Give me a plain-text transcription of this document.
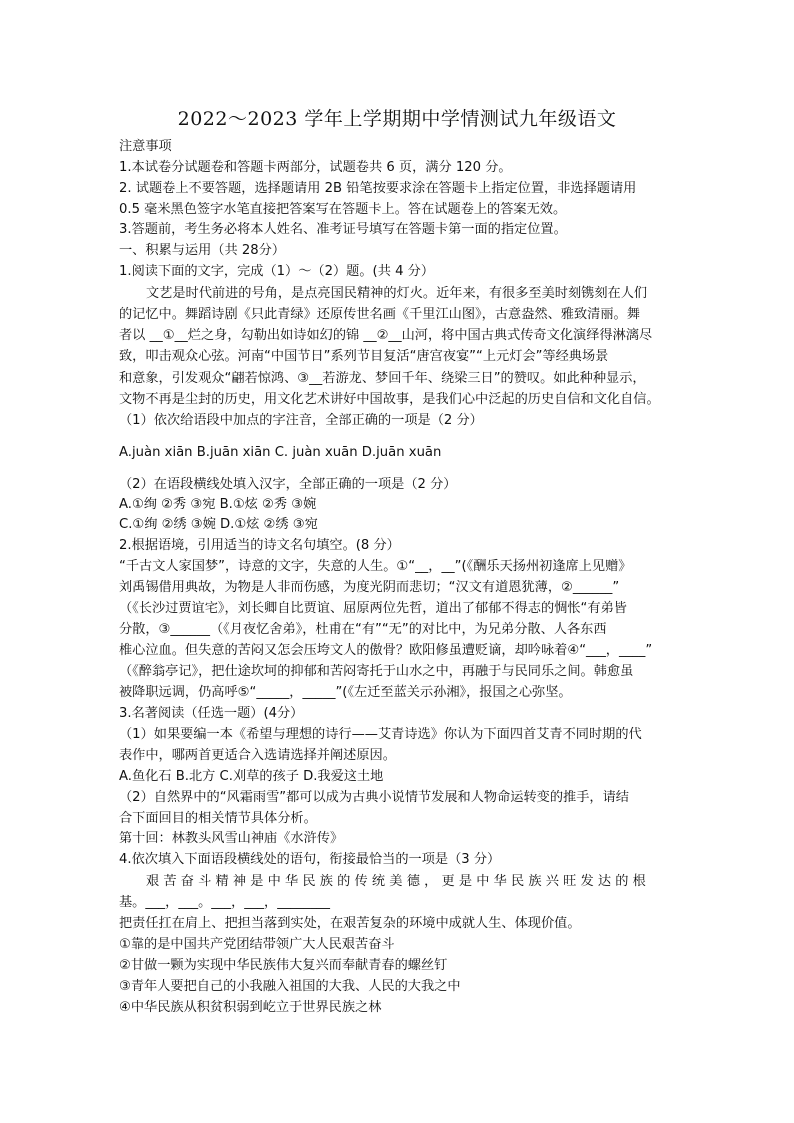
2022～2023 学年上学期期中学情测试九年级语文
注意事项
1.本试卷分试题卷和答题卡两部分，试题卷共 6 页，满分 120 分。
2. 试题卷上不要答题，选择题请用 2B 铅笔按要求涂在答题卡上指定位置，非选择题请用
0.5 毫米黑色签字水笔直接把答案写在答题卡上。答在试题卷上的答案无效。
3.答题前，考生务必将本人姓名、准考证号填写在答题卡第一面的指定位置。
一、积累与运用（共 28分）
1.阅读下面的文字，完成（1）～（2）题。(共 4 分）
文艺是时代前进的号角，是点亮国民精神的灯火。近年来，有很多至美时刻镌刻在人们
的记忆中。舞蹈诗剧《只此青绿》还原传世名画《千里江山图》，古意盎然、雅致清丽。舞
者以 __①__烂之身，勾勒出如诗如幻的锦 __②__山河，将中国古典式传奇文化演绎得淋漓尽
致，叩击观众心弦。河南“中国节日”系列节目复活“唐宫夜宴”“上元灯会”等经典场景
和意象，引发观众“翩若惊鸿、③__若游龙、梦回千年、绕梁三日”的赞叹。如此种种显示，
文物不再是尘封的历史，用文化艺术讲好中国故事，是我们心中泛起的历史自信和文化自信。
（1）依次给语段中加点的字注音，全部正确的一项是（2 分）
A.juàn xiān B.juān xiān C. juàn xuān D.juān xuān
（2）在语段横线处填入汉字，全部正确的一项是（2 分）
A.①绚 ②秀 ③宛 B.①炫 ②秀 ③婉
C.①绚 ②绣 ③婉 D.①炫 ②绣 ③宛
2.根据语境，引用适当的诗文名句填空。(8 分）
“千古文人家国梦”，诗意的文字，失意的人生。①“__，__”(《酬乐天扬州初逢席上见赠》
刘禹锡借用典故，为物是人非而伤感，为度光阴而悲切；“汉文有道恩犹薄，②______”
（《长沙过贾谊宅》，刘长卿自比贾谊、屈原两位先哲，道出了郁郁不得志的惆怅“有弟皆
分散，③______（《月夜忆舍弟》，杜甫在“有”“无”的对比中，为兄弟分散、人各东西
椎心泣血。但失意的苦闷又怎会压垮文人的傲骨？欧阳修虽遭贬谪，却吟咏着④“___，____”
（《醉翁亭记》，把仕途坎坷的抑郁和苦闷寄托于山水之中，再融于与民同乐之间。韩愈虽
被降职远调，仍高呼⑤“_____，_____”(《左迁至蓝关示孙湘》，报国之心弥坚。
3.名著阅读（任选一题）(4分）
（1）如果要编一本《希望与理想的诗行——艾青诗选》你认为下面四首艾青不同时期的代
表作中，哪两首更适合入选请选择并阐述原因。
A.鱼化石 B.北方 C.刈草的孩子 D.我爱这土地
（2）自然界中的“风霜雨雪”都可以成为古典小说情节发展和人物命运转变的推手，请结
合下面回目的相关情节具体分析。
第十回：林教头风雪山神庙《水浒传》
4.依次填入下面语段横线处的语句，衔接最恰当的一项是（3 分）
艰 苦 奋 斗 精 神 是 中 华 民 族 的 传 统 美 德 ， 更 是 中 华 民 族 兴 旺 发 达 的 根
基。___，___。___，___，________
把责任扛在肩上、把担当落到实处，在艰苦复杂的环境中成就人生、体现价值。
①靠的是中国共产党团结带领广大人民艰苦奋斗
②甘做一颗为实现中华民族伟大复兴而奉献青春的螺丝钉
③青年人要把自己的小我融入祖国的大我、人民的大我之中
④中华民族从积贫积弱到屹立于世界民族之林
